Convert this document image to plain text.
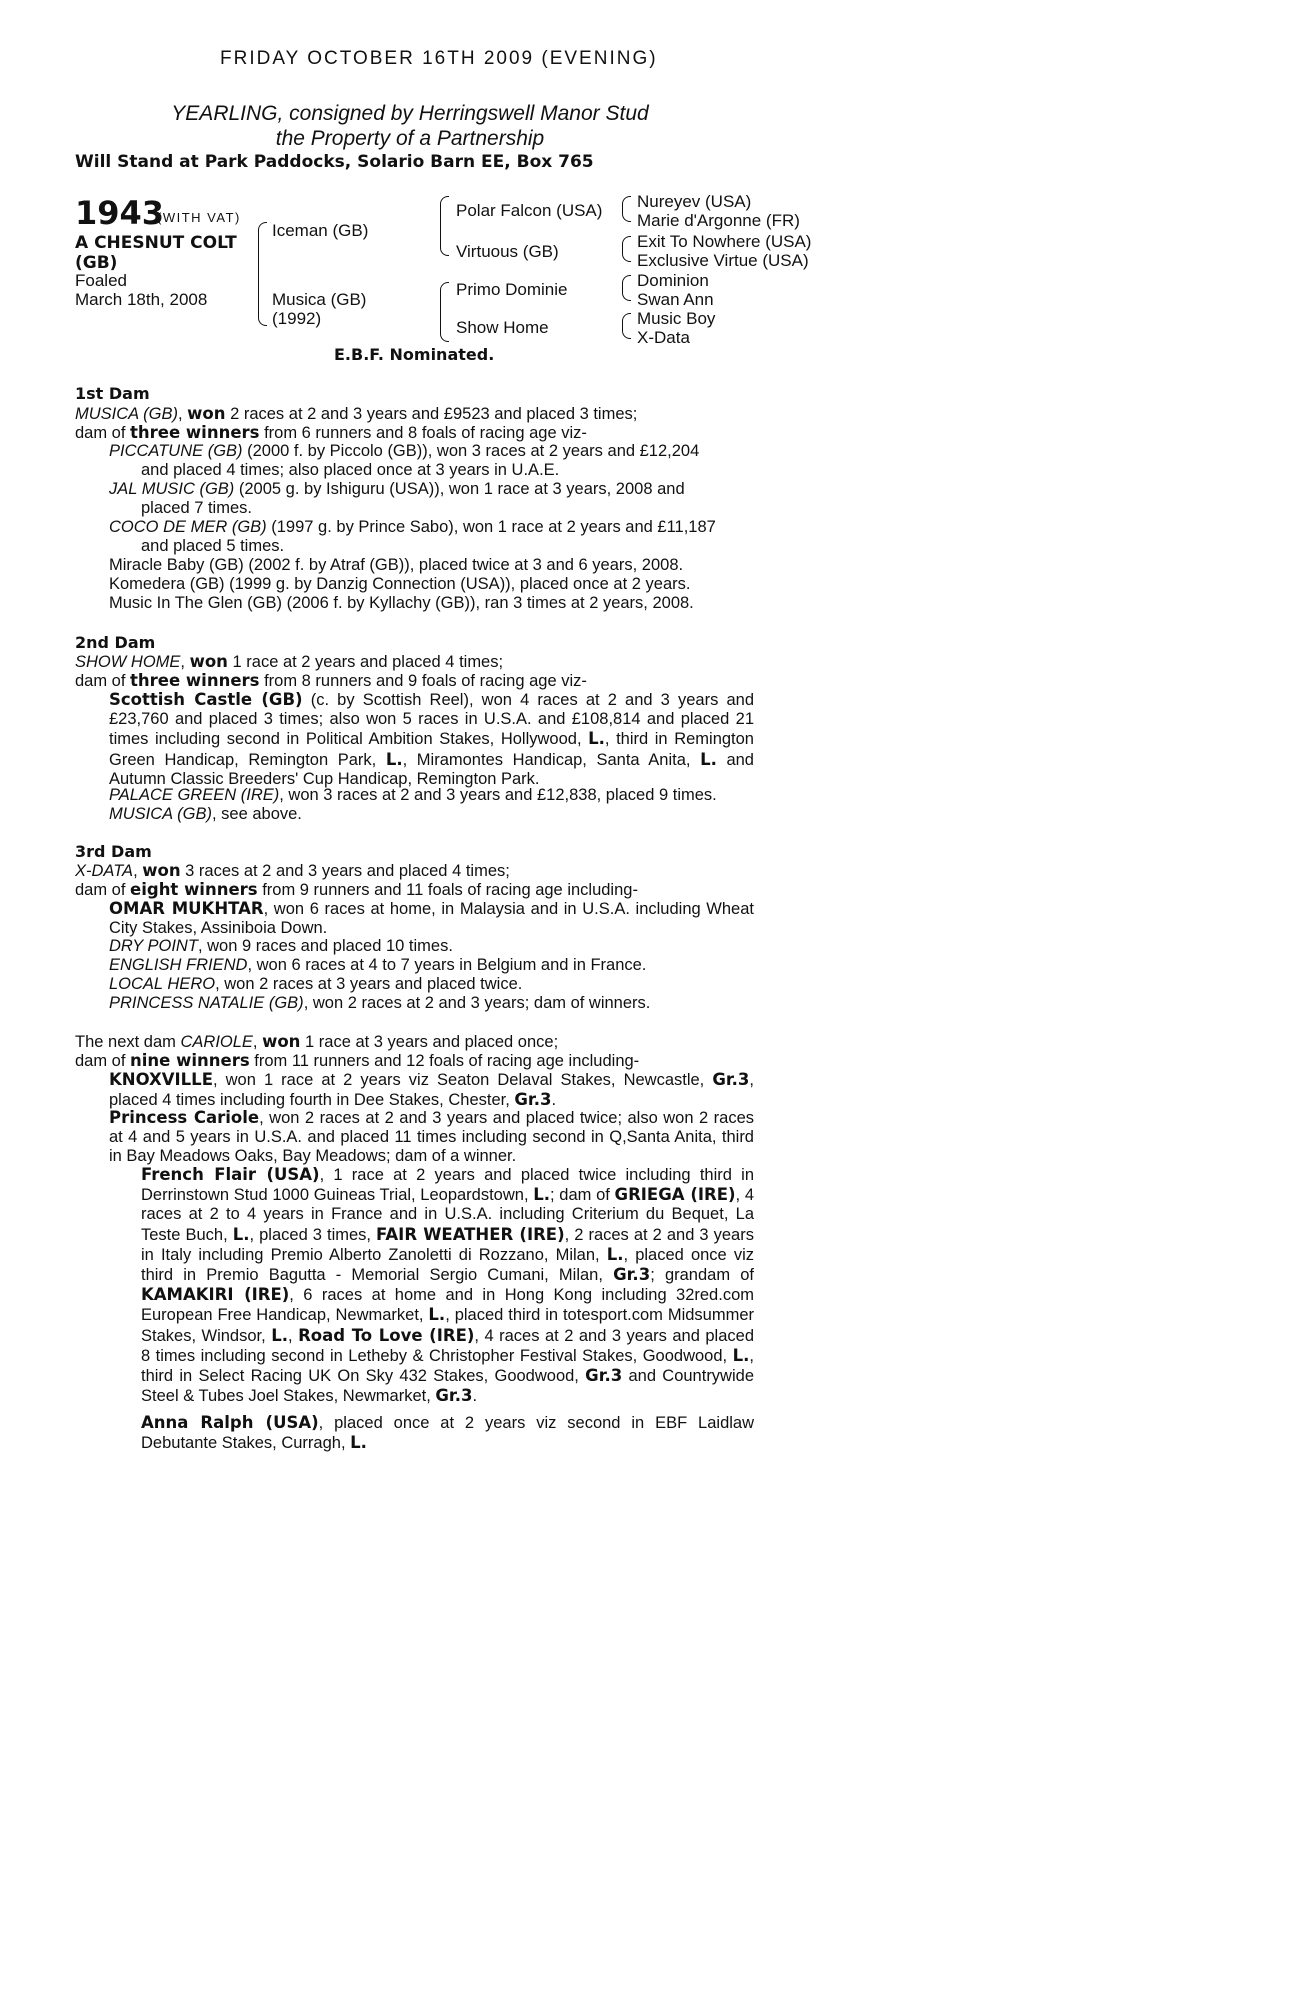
FRIDAY OCTOBER 16TH 2009 (EVENING)
YEARLING, consigned by Herringswell Manor Stud
the Property of a Partnership
Will Stand at Park Paddocks, Solario Barn EE, Box 765
1943
(WITH VAT)
A CHESNUT COLT
(GB)
Foaled
March 18th, 2008
Iceman (GB)
Musica (GB)
(1992)
Polar Falcon (USA)
Virtuous (GB)
Primo Dominie
Show Home
Nureyev (USA)
Marie d'Argonne (FR)
Exit To Nowhere (USA)
Exclusive Virtue (USA)
Dominion
Swan Ann
Music Boy
X-Data
E.B.F. Nominated.
1st Dam
MUSICA (GB), won 2 races at 2 and 3 years and £9523 and placed 3 times;
dam of three winners from 6 runners and 8 foals of racing age viz-
PICCATUNE (GB) (2000 f. by Piccolo (GB)), won 3 races at 2 years and £12,204
and placed 4 times; also placed once at 3 years in U.A.E.
JAL MUSIC (GB) (2005 g. by Ishiguru (USA)), won 1 race at 3 years, 2008 and
placed 7 times.
COCO DE MER (GB) (1997 g. by Prince Sabo), won 1 race at 2 years and £11,187
and placed 5 times.
Miracle Baby (GB) (2002 f. by Atraf (GB)), placed twice at 3 and 6 years, 2008.
Komedera (GB) (1999 g. by Danzig Connection (USA)), placed once at 2 years.
Music In The Glen (GB) (2006 f. by Kyllachy (GB)), ran 3 times at 2 years, 2008.
2nd Dam
SHOW HOME, won 1 race at 2 years and placed 4 times;
dam of three winners from 8 runners and 9 foals of racing age viz-
Scottish Castle (GB) (c. by Scottish Reel), won 4 races at 2 and 3 years and £23,760 and placed 3 times; also won 5 races in U.S.A. and £108,814 and placed 21 times including second in Political Ambition Stakes, Hollywood, L., third in Remington Green Handicap, Remington Park, L., Miramontes Handicap, Santa Anita, L. and Autumn Classic Breeders' Cup Handicap, Remington Park.
PALACE GREEN (IRE), won 3 races at 2 and 3 years and £12,838, placed 9 times.
MUSICA (GB), see above.
3rd Dam
X-DATA, won 3 races at 2 and 3 years and placed 4 times;
dam of eight winners from 9 runners and 11 foals of racing age including-
OMAR MUKHTAR, won 6 races at home, in Malaysia and in U.S.A. including Wheat City Stakes, Assiniboia Down.
DRY POINT, won 9 races and placed 10 times.
ENGLISH FRIEND, won 6 races at 4 to 7 years in Belgium and in France.
LOCAL HERO, won 2 races at 3 years and placed twice.
PRINCESS NATALIE (GB), won 2 races at 2 and 3 years; dam of winners.
The next dam CARIOLE, won 1 race at 3 years and placed once;
dam of nine winners from 11 runners and 12 foals of racing age including-
KNOXVILLE, won 1 race at 2 years viz Seaton Delaval Stakes, Newcastle, Gr.3, placed 4 times including fourth in Dee Stakes, Chester, Gr.3.
Princess Cariole, won 2 races at 2 and 3 years and placed twice; also won 2 races at 4 and 5 years in U.S.A. and placed 11 times including second in Q,Santa Anita, third in Bay Meadows Oaks, Bay Meadows; dam of a winner.
French Flair (USA), 1 race at 2 years and placed twice including third in Derrinstown Stud 1000 Guineas Trial, Leopardstown, L.; dam of GRIEGA (IRE), 4 races at 2 to 4 years in France and in U.S.A. including Criterium du Bequet, La Teste Buch, L., placed 3 times, FAIR WEATHER (IRE), 2 races at 2 and 3 years in Italy including Premio Alberto Zanoletti di Rozzano, Milan, L., placed once viz third in Premio Bagutta - Memorial Sergio Cumani, Milan, Gr.3; grandam of KAMAKIRI (IRE), 6 races at home and in Hong Kong including 32red.com European Free Handicap, Newmarket, L., placed third in totesport.com Midsummer Stakes, Windsor, L., Road To Love (IRE), 4 races at 2 and 3 years and placed 8 times including second in Letheby & Christopher Festival Stakes, Goodwood, L., third in Select Racing UK On Sky 432 Stakes, Goodwood, Gr.3 and Countrywide Steel & Tubes Joel Stakes, Newmarket, Gr.3.
Anna Ralph (USA), placed once at 2 years viz second in EBF Laidlaw Debutante Stakes, Curragh, L.
